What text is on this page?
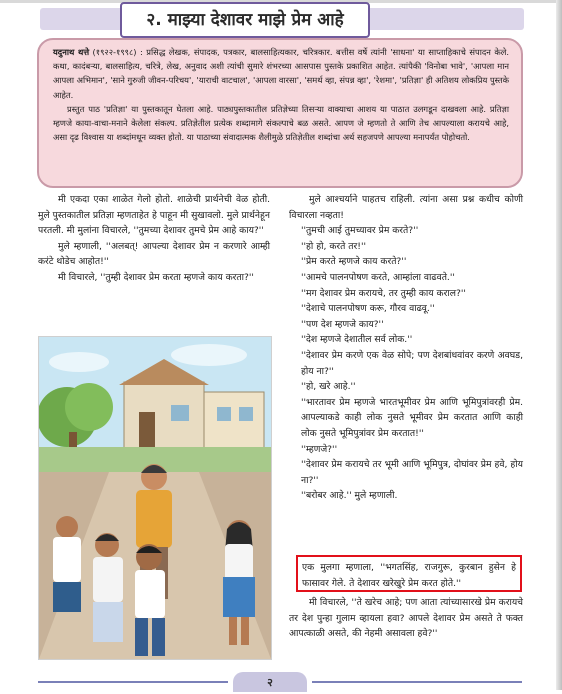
२. माझ्या देशावर माझे प्रेम आहे

यदुनाथ थत्ते (१९२२-१९९८) : प्रसिद्ध लेखक, संपादक, पत्रकार, बालसाहित्यकार, चरित्रकार. बत्तीस वर्षे त्यांनी 'साधना' या साप्ताहिकाचे संपादन केले. कथा, कादंबऱ्या, बालसाहित्य, चरित्रे, लेख, अनुवाद अशी त्यांची सुमारे शंभरच्या आसपास पुस्तके प्रकाशित आहेत. त्यांपैकी 'विनोबा भावे', 'आपला मान आपला अभिमान', 'साने गुरुजी जीवन-परिचय', 'याराची वाटचाल', 'आपला वारसा', 'समर्थ व्हा, संपन्न व्हा', 'रेशमा', 'प्रतिज्ञा' ही अतिशय लोकप्रिय पुस्तके आहेत.

प्रस्तुत पाठ 'प्रतिज्ञा' या पुस्तकातून घेतला आहे. पाठ्यपुस्तकातील प्रतिज्ञेच्या तिसऱ्या वाक्याचा आशय या पाठात उलगडून दाखवला आहे. प्रतिज्ञा म्हणजे काया-वाचा-मनाने केलेला संकल्प. प्रतिज्ञेतील प्रत्येक शब्दामागे संकल्पाचे बळ असते. आपण जे म्हणतो ते आणि तेच आपल्याला करायचे आहे, असा दृढ विश्वास या शब्दांमधून व्यक्त होतो. या पाठाच्या संवादात्मक शैलीमुळे प्रतिज्ञेतील शब्दांचा अर्थ सहजपणे आपल्या मनापर्यंत पोहोचतो.

मी एकदा एका शाळेत गेलो होतो. शाळेची प्रार्थनेची वेळ होती. मुले पुस्तकातील प्रतिज्ञा म्हणताहेत हे पाहून मी सुखावलो. मुले प्रार्थनेहून परतली. मी मुलांना विचारले, ''तुमच्या देशावर तुमचे प्रेम आहे काय?''

मुले म्हणाली, ''अलबत्! आपल्या देशावर प्रेम न करणारे आम्ही करंटे थोडेच आहोत!''

मी विचारले, ''तुम्ही देशावर प्रेम करता म्हणजे काय करता?''

मुले आश्चर्याने पाहतच राहिली. त्यांना असा प्रश्न कधीच कोणी विचारला नव्हता!

''तुमची आई तुमच्यावर प्रेम करते?''

''हो हो, करते तर!''

''प्रेम करते म्हणजे काय करते?''

''आमचे पालनपोषण करते, आम्हांला वाढवते.''

''मग देशावर प्रेम करायचे, तर तुम्ही काय कराल?''

''देशाचे पालनपोषण करू, गौरव वाढवू.''

''पण देश म्हणजे काय?''

''देश म्हणजे देशातील सर्व लोक.''

''देशावर प्रेम करणे एक वेळ सोपे; पण देशबांधवांवर करणे अवघड, होय ना?''

''हो, खरे आहे.''

''भारतावर प्रेम म्हणजे भारतभूमीवर प्रेम आणि भूमिपुत्रांवरही प्रेम. आपल्याकडे काही लोक नुसते भूमीवर प्रेम करतात आणि काही लोक नुसते भूमिपुत्रांवर प्रेम करतात!''

''म्हणजे?''

''देशावर प्रेम करायचे तर भूमी आणि भूमिपुत्र, दोघांवर प्रेम हवे, होय ना?''

''बरोबर आहे.'' मुले म्हणाली.

एक मुलगा म्हणाला, ''भगतसिंह, राजगुरू, कुरबान हुसेन हे फासावर गेले. ते देशावर खरेखुरे प्रेम करत होते.''

मी विचारले, ''ते खरेच आहे; पण आता त्यांच्यासारखे प्रेम करायचे तर देश पुन्हा गुलाम व्हायला हवा? आपले देशावर प्रेम असते ते फक्त आपत्काळी असते, की नेहमी असावला हवे?''

२
